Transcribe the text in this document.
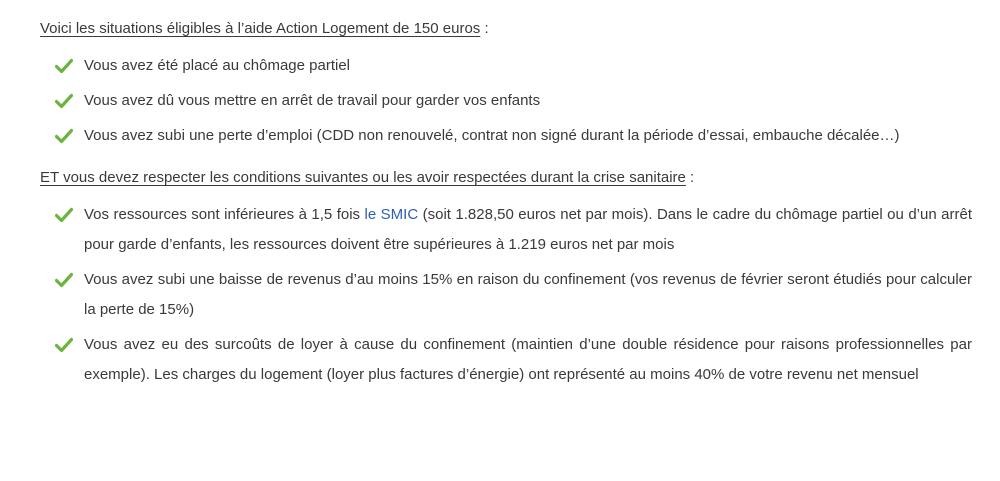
Voici les situations éligibles à l’aide Action Logement de 150 euros :

Vous avez été placé au chômage partiel
Vous avez dû vous mettre en arrêt de travail pour garder vos enfants
Vous avez subi une perte d’emploi (CDD non renouvelé, contrat non signé durant la période d’essai, embauche décalée…)

ET vous devez respecter les conditions suivantes ou les avoir respectées durant la crise sanitaire :

Vos ressources sont inférieures à 1,5 fois le SMIC (soit 1.828,50 euros net par mois). Dans le cadre du chômage partiel ou d’un arrêt pour garde d’enfants, les ressources doivent être supérieures à 1.219 euros net par mois
Vous avez subi une baisse de revenus d’au moins 15% en raison du confinement (vos revenus de février seront étudiés pour calculer la perte de 15%)
Vous avez eu des surcoûts de loyer à cause du confinement (maintien d’une double résidence pour raisons professionnelles par exemple). Les charges du logement (loyer plus factures d’énergie) ont représenté au moins 40% de votre revenu net mensuel
